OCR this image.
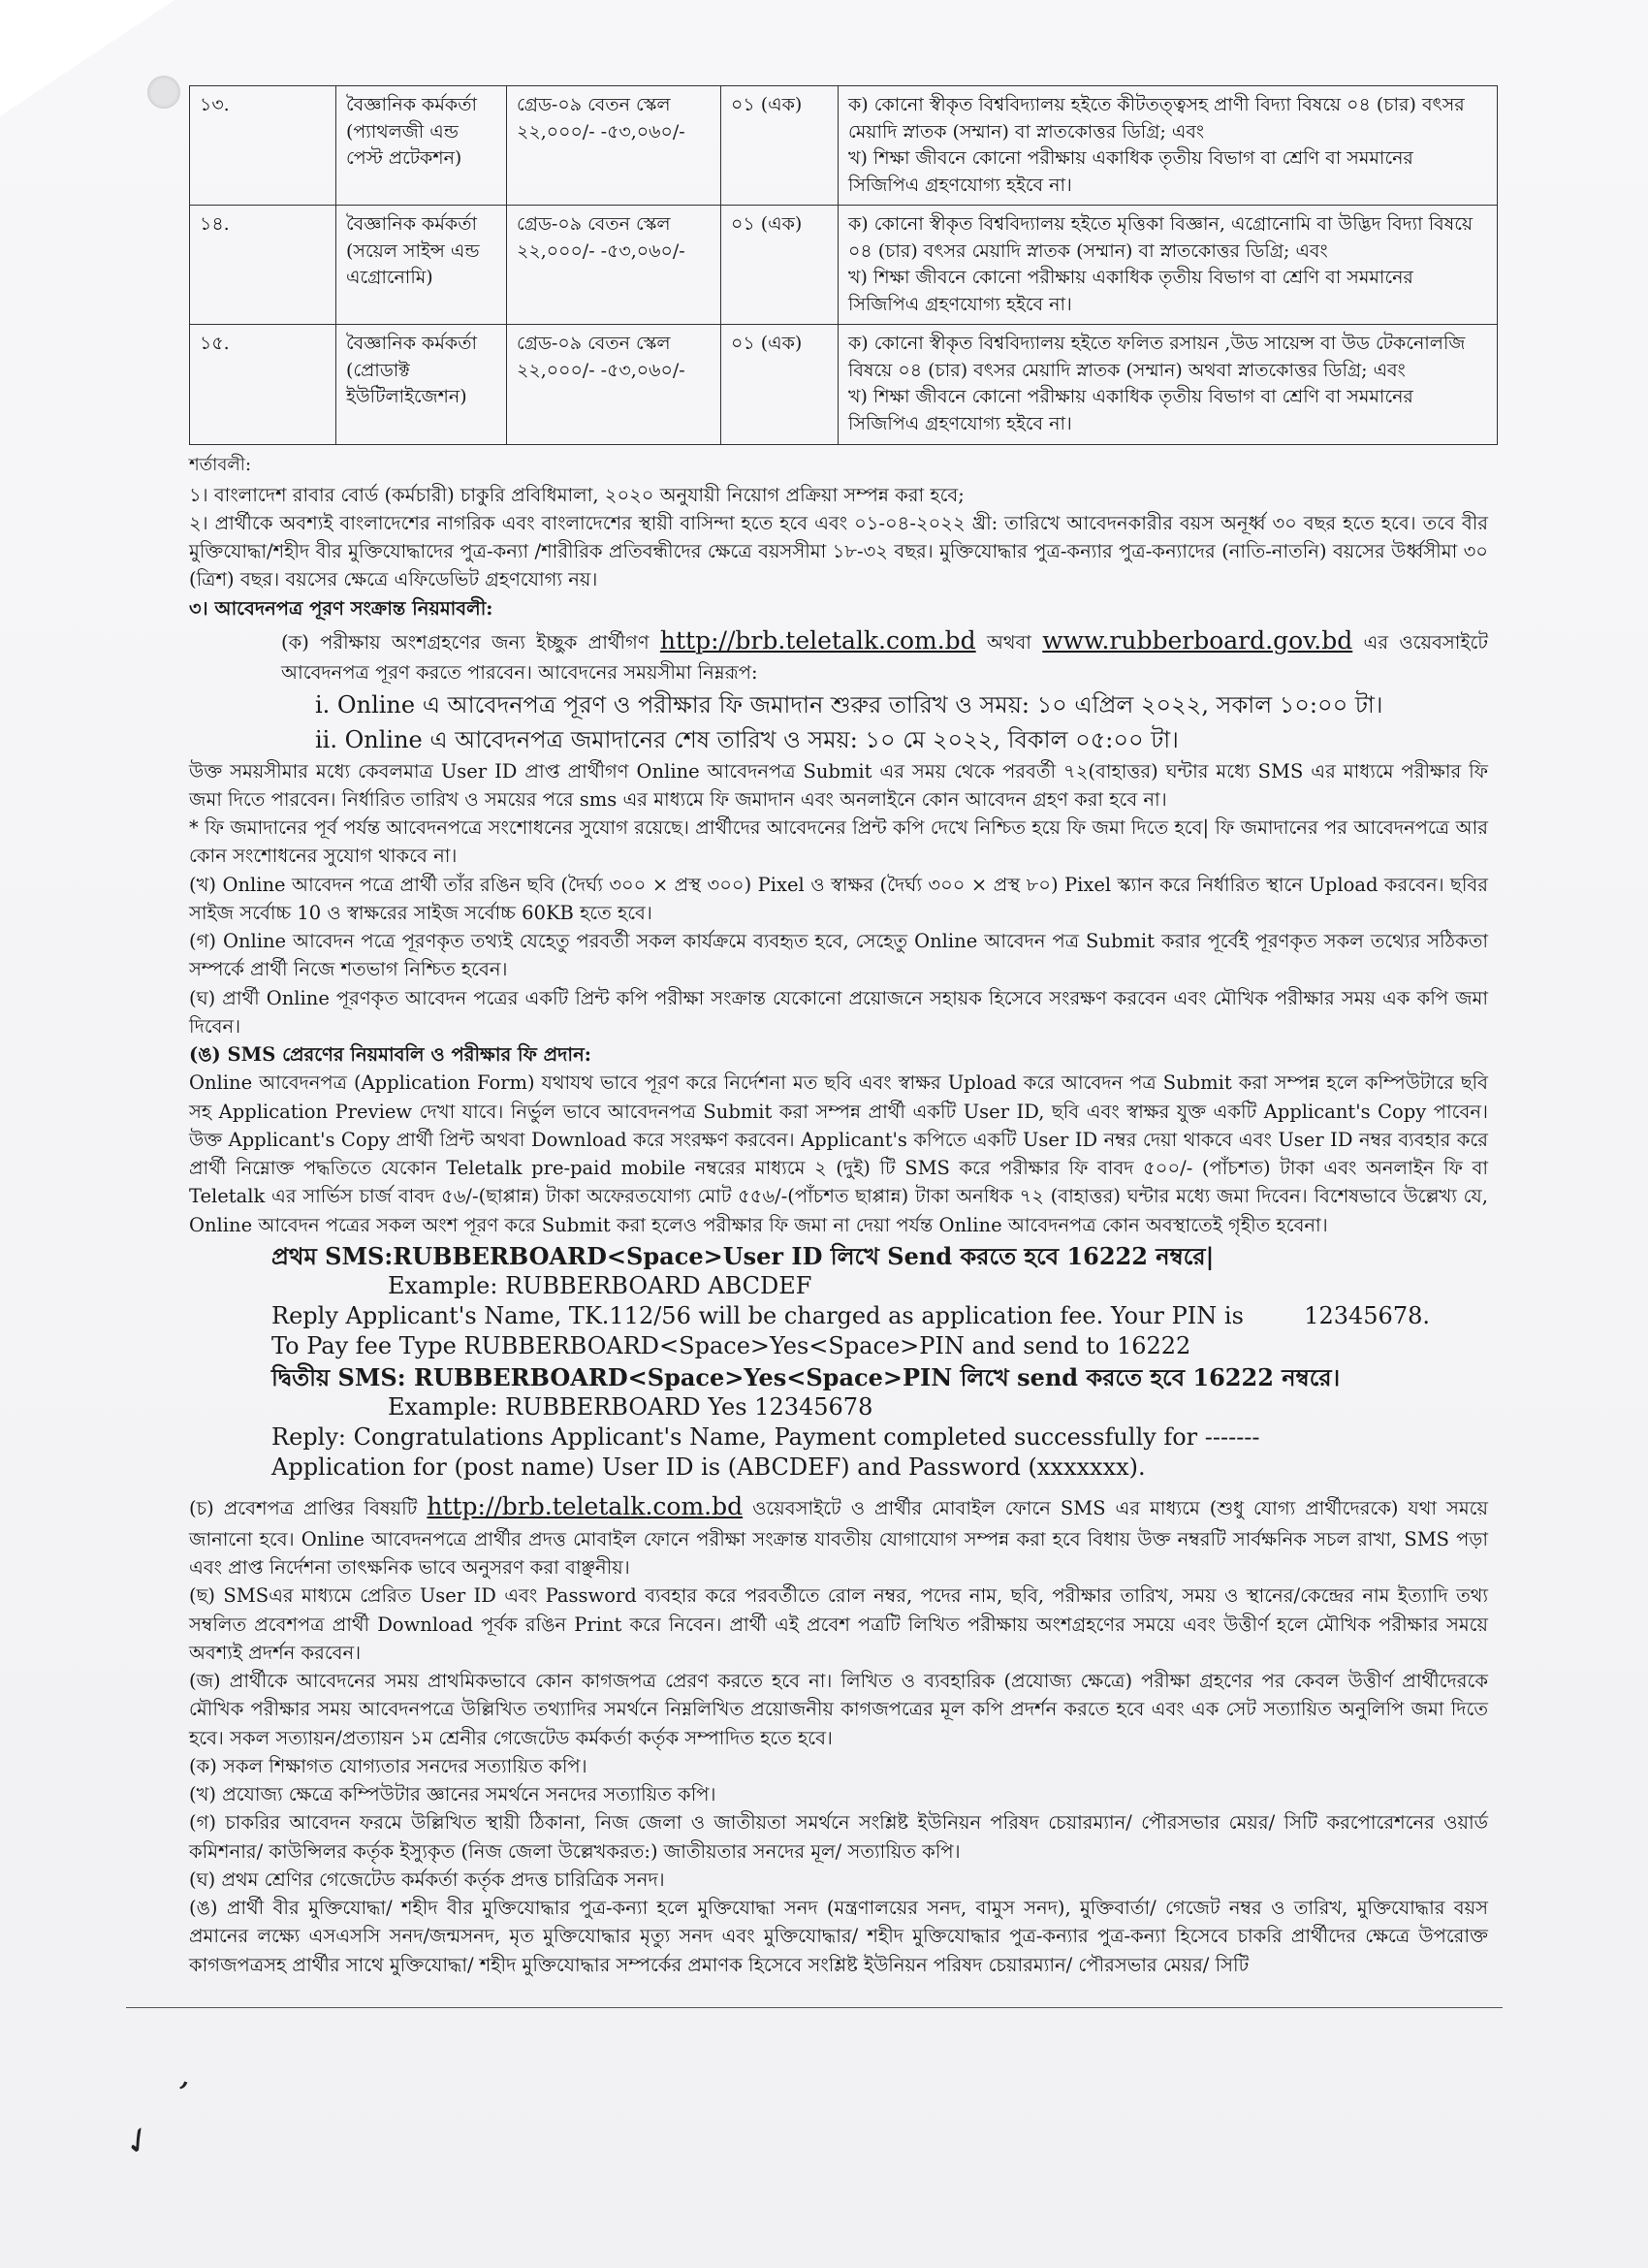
১৩.	বৈজ্ঞানিক কর্মকর্তা (প্যাথলজী এন্ড পেস্ট প্রটেকশন)	গ্রেড-০৯ বেতন স্কেল ২২,০০০/- -৫৩,০৬০/-	০১ (এক)	ক) কোনো স্বীকৃত বিশ্ববিদ্যালয় হইতে কীটতত্ত্বসহ প্রাণী বিদ্যা বিষয়ে ০৪ (চার) বৎসর মেয়াদি স্নাতক (সম্মান) বা স্নাতকোত্তর ডিগ্রি; এবং
খ) শিক্ষা জীবনে কোনো পরীক্ষায় একাধিক তৃতীয় বিভাগ বা শ্রেণি বা সমমানের সিজিপিএ গ্রহণযোগ্য হইবে না।

১৪.	বৈজ্ঞানিক কর্মকর্তা (সয়েল সাইন্স এন্ড এগ্রোনোমি)	গ্রেড-০৯ বেতন স্কেল ২২,০০০/- -৫৩,০৬০/-	০১ (এক)	ক) কোনো স্বীকৃত বিশ্ববিদ্যালয় হইতে মৃত্তিকা বিজ্ঞান, এগ্রোনোমি বা উদ্ভিদ বিদ্যা বিষয়ে ০৪ (চার) বৎসর মেয়াদি স্নাতক (সম্মান) বা স্নাতকোত্তর ডিগ্রি; এবং
খ) শিক্ষা জীবনে কোনো পরীক্ষায় একাধিক তৃতীয় বিভাগ বা শ্রেণি বা সমমানের সিজিপিএ গ্রহণযোগ্য হইবে না।

১৫.	বৈজ্ঞানিক কর্মকর্তা (প্রোডাক্ট ইউটিলাইজেশন)	গ্রেড-০৯ বেতন স্কেল ২২,০০০/- -৫৩,০৬০/-	০১ (এক)	ক) কোনো স্বীকৃত বিশ্ববিদ্যালয় হইতে ফলিত রসায়ন ,উড সায়েন্স বা উড টেকনোলজি বিষয়ে ০৪ (চার) বৎসর মেয়াদি স্নাতক (সম্মান) অথবা স্নাতকোত্তর ডিগ্রি; এবং
খ) শিক্ষা জীবনে কোনো পরীক্ষায় একাধিক তৃতীয় বিভাগ বা শ্রেণি বা সমমানের সিজিপিএ গ্রহণযোগ্য হইবে না।
শর্তাবলী:

১। বাংলাদেশ রাবার বোর্ড (কর্মচারী) চাকুরি প্রবিধিমালা, ২০২০ অনুযায়ী নিয়োগ প্রক্রিয়া সম্পন্ন করা হবে;

২। প্রার্থীকে অবশ্যই বাংলাদেশের নাগরিক এবং বাংলাদেশের স্থায়ী বাসিন্দা হতে হবে এবং ০১-০৪-২০২২ খ্রী: তারিখে আবেদনকারীর বয়স অনূর্ধ্ব ৩০ বছর হতে হবে। তবে বীর মুক্তিযোদ্ধা/শহীদ বীর মুক্তিযোদ্ধাদের পুত্র-কন্যা /শারীরিক প্রতিবন্ধীদের ক্ষেত্রে বয়সসীমা ১৮-৩২ বছর। মুক্তিযোদ্ধার পুত্র-কন্যার পুত্র-কন্যাদের (নাতি-নাতনি) বয়সের উর্ধ্বসীমা ৩০ (ত্রিশ) বছর। বয়সের ক্ষেত্রে এফিডেভিট গ্রহণযোগ্য নয়।

৩। আবেদনপত্র পূরণ সংক্রান্ত নিয়মাবলী:

(ক) পরীক্ষায় অংশগ্রহণের জন্য ইচ্ছুক প্রার্থীগণ http://brb.teletalk.com.bd অথবা www.rubberboard.gov.bd এর ওয়েবসাইটে আবেদনপত্র পূরণ করতে পারবেন। আবেদনের সময়সীমা নিম্নরূপ:

i. Online এ আবেদনপত্র পূরণ ও পরীক্ষার ফি জমাদান শুরুর তারিখ ও সময়: ১০ এপ্রিল ২০২২, সকাল ১০:০০ টা।

ii. Online এ আবেদনপত্র জমাদানের শেষ তারিখ ও সময়: ১০ মে ২০২২, বিকাল ০৫:০০ টা।

উক্ত সময়সীমার মধ্যে কেবলমাত্র User ID প্রাপ্ত প্রার্থীগণ Online আবেদনপত্র Submit এর সময় থেকে পরবর্তী ৭২(বাহাত্তর) ঘন্টার মধ্যে SMS এর মাধ্যমে পরীক্ষার ফি জমা দিতে পারবেন। নির্ধারিত তারিখ ও সময়ের পরে sms এর মাধ্যমে ফি জমাদান এবং অনলাইনে কোন আবেদন গ্রহণ করা হবে না।

* ফি জমাদানের পূর্ব পর্যন্ত আবেদনপত্রে সংশোধনের সুযোগ রয়েছে। প্রার্থীদের আবেদনের প্রিন্ট কপি দেখে নিশ্চিত হয়ে ফি জমা দিতে হবে| ফি জমাদানের পর আবেদনপত্রে আর কোন সংশোধনের সুযোগ থাকবে না।

(খ) Online আবেদন পত্রে প্রার্থী তাঁর রঙিন ছবি (দৈর্ঘ্য ৩০০ × প্রস্থ ৩০০) Pixel ও স্বাক্ষর (দৈর্ঘ্য ৩০০ × প্রস্থ ৮০) Pixel স্ক্যান করে নির্ধারিত স্থানে Upload করবেন। ছবির সাইজ সর্বোচ্চ 10 ও স্বাক্ষরের সাইজ সর্বোচ্চ 60KB হতে হবে।

(গ) Online আবেদন পত্রে পূরণকৃত তথ্যই যেহেতু পরবর্তী সকল কার্যক্রমে ব্যবহৃত হবে, সেহেতু Online আবেদন পত্র Submit করার পূর্বেই পূরণকৃত সকল তথ্যের সঠিকতা সম্পর্কে প্রার্থী নিজে শতভাগ নিশ্চিত হবেন।

(ঘ) প্রার্থী Online পূরণকৃত আবেদন পত্রের একটি প্রিন্ট কপি পরীক্ষা সংক্রান্ত যেকোনো প্রয়োজনে সহায়ক হিসেবে সংরক্ষণ করবেন এবং মৌখিক পরীক্ষার সময় এক কপি জমা দিবেন।

(ঙ) SMS প্রেরণের নিয়মাবলি ও পরীক্ষার ফি প্রদান:

Online আবেদনপত্র (Application Form) যথাযথ ভাবে পূরণ করে নির্দেশনা মত ছবি এবং স্বাক্ষর Upload করে আবেদন পত্র Submit করা সম্পন্ন হলে কম্পিউটারে ছবি সহ Application Preview দেখা যাবে। নির্ভুল ভাবে আবেদনপত্র Submit করা সম্পন্ন প্রার্থী একটি User ID, ছবি এবং স্বাক্ষর যুক্ত একটি Applicant's Copy পাবেন। উক্ত Applicant's Copy প্রার্থী প্রিন্ট অথবা Download করে সংরক্ষণ করবেন। Applicant's কপিতে একটি User ID নম্বর দেয়া থাকবে এবং User ID নম্বর ব্যবহার করে প্রার্থী নিম্নোক্ত পদ্ধতিতে যেকোন Teletalk pre-paid mobile নম্বরের মাধ্যমে ২ (দুই) টি SMS করে পরীক্ষার ফি বাবদ ৫০০/- (পাঁচশত) টাকা এবং অনলাইন ফি বা Teletalk এর সার্ভিস চার্জ বাবদ ৫৬/-(ছাপ্পান্ন) টাকা অফেরতযোগ্য মোট ৫৫৬/-(পাঁচশত ছাপ্পান্ন) টাকা অনধিক ৭২ (বাহাত্তর) ঘন্টার মধ্যে জমা দিবেন। বিশেষভাবে উল্লেখ্য যে, Online আবেদন পত্রের সকল অংশ পূরণ করে Submit করা হলেও পরীক্ষার ফি জমা না দেয়া পর্যন্ত Online আবেদনপত্র কোন অবস্থাতেই গৃহীত হবেনা।

প্রথম SMS:RUBBERBOARD<Space>User ID লিখে Send করতে হবে 16222 নম্বরে|
Example: RUBBERBOARD ABCDEF
Reply Applicant's Name, TK.112/56 will be charged as application fee. Your PIN is	12345678.
To Pay fee Type RUBBERBOARD<Space>Yes<Space>PIN and send to 16222
দ্বিতীয় SMS: RUBBERBOARD<Space>Yes<Space>PIN লিখে send করতে হবে 16222 নম্বরে।
Example: RUBBERBOARD Yes 12345678
Reply: Congratulations Applicant's Name, Payment completed successfully for -------
Application for (post name) User ID is (ABCDEF) and Password (xxxxxxx).

(চ) প্রবেশপত্র প্রাপ্তির বিষয়টি http://brb.teletalk.com.bd ওয়েবসাইটে ও প্রার্থীর মোবাইল ফোনে SMS এর মাধ্যমে (শুধু যোগ্য প্রার্থীদেরকে) যথা সময়ে জানানো হবে। Online আবেদনপত্রে প্রার্থীর প্রদত্ত মোবাইল ফোনে পরীক্ষা সংক্রান্ত যাবতীয় যোগাযোগ সম্পন্ন করা হবে বিধায় উক্ত নম্বরটি সার্বক্ষনিক সচল রাখা, SMS পড়া এবং প্রাপ্ত নির্দেশনা তাৎক্ষনিক ভাবে অনুসরণ করা বাঞ্ছনীয়।

(ছ) SMSএর মাধ্যমে প্রেরিত User ID এবং Password ব্যবহার করে পরবর্তীতে রোল নম্বর, পদের নাম, ছবি, পরীক্ষার তারিখ, সময় ও স্থানের/কেন্দ্রের নাম ইত্যাদি তথ্য সম্বলিত প্রবেশপত্র প্রার্থী Download পূর্বক রঙিন Print করে নিবেন। প্রার্থী এই প্রবেশ পত্রটি লিখিত পরীক্ষায় অংশগ্রহণের সময়ে এবং উত্তীর্ণ হলে মৌখিক পরীক্ষার সময়ে অবশ্যই প্রদর্শন করবেন।

(জ) প্রার্থীকে আবেদনের সময় প্রাথমিকভাবে কোন কাগজপত্র প্রেরণ করতে হবে না। লিখিত ও ব্যবহারিক (প্রযোজ্য ক্ষেত্রে) পরীক্ষা গ্রহণের পর কেবল উত্তীর্ণ প্রার্থীদেরকে মৌখিক পরীক্ষার সময় আবেদনপত্রে উল্লিখিত তথ্যাদির সমর্থনে নিম্নলিখিত প্রয়োজনীয় কাগজপত্রের মূল কপি প্রদর্শন করতে হবে এবং এক সেট সত্যায়িত অনুলিপি জমা দিতে হবে। সকল সত্যায়ন/প্রত্যায়ন ১ম শ্রেনীর গেজেটেড কর্মকর্তা কর্তৃক সম্পাদিত হতে হবে।

(ক) সকল শিক্ষাগত যোগ্যতার সনদের সত্যায়িত কপি।

(খ) প্রযোজ্য ক্ষেত্রে কম্পিউটার জ্ঞানের সমর্থনে সনদের সত্যায়িত কপি।

(গ) চাকরির আবেদন ফরমে উল্লিখিত স্থায়ী ঠিকানা, নিজ জেলা ও জাতীয়তা সমর্থনে সংশ্লিষ্ট ইউনিয়ন পরিষদ চেয়ারম্যান/ পৌরসভার মেয়র/ সিটি করপোরেশনের ওয়ার্ড কমিশনার/ কাউন্সিলর কর্তৃক ইস্যুকৃত (নিজ জেলা উল্লেখকরত:) জাতীয়তার সনদের মূল/ সত্যায়িত কপি।

(ঘ) প্রথম শ্রেণির গেজেটেড কর্মকর্তা কর্তৃক প্রদত্ত চারিত্রিক সনদ।

(ঙ) প্রার্থী বীর মুক্তিযোদ্ধা/ শহীদ বীর মুক্তিযোদ্ধার পুত্র-কন্যা হলে মুক্তিযোদ্ধা সনদ (মন্ত্রণালয়ের সনদ, বামুস সনদ), মুক্তিবার্তা/ গেজেট নম্বর ও তারিখ, মুক্তিযোদ্ধার বয়স প্রমানের লক্ষ্যে এসএসসি সনদ/জন্মসনদ, মৃত মুক্তিযোদ্ধার মৃত্যু সনদ এবং মুক্তিযোদ্ধার/ শহীদ মুক্তিযোদ্ধার পুত্র-কন্যার পুত্র-কন্যা হিসেবে চাকরি প্রার্থীদের ক্ষেত্রে উপরোক্ত কাগজপত্রসহ প্রার্থীর সাথে মুক্তিযোদ্ধা/ শহীদ মুক্তিযোদ্ধার সম্পর্কের প্রমাণক হিসেবে সংশ্লিষ্ট ইউনিয়ন পরিষদ চেয়ারম্যান/ পৌরসভার মেয়র/ সিটি

’
✓
